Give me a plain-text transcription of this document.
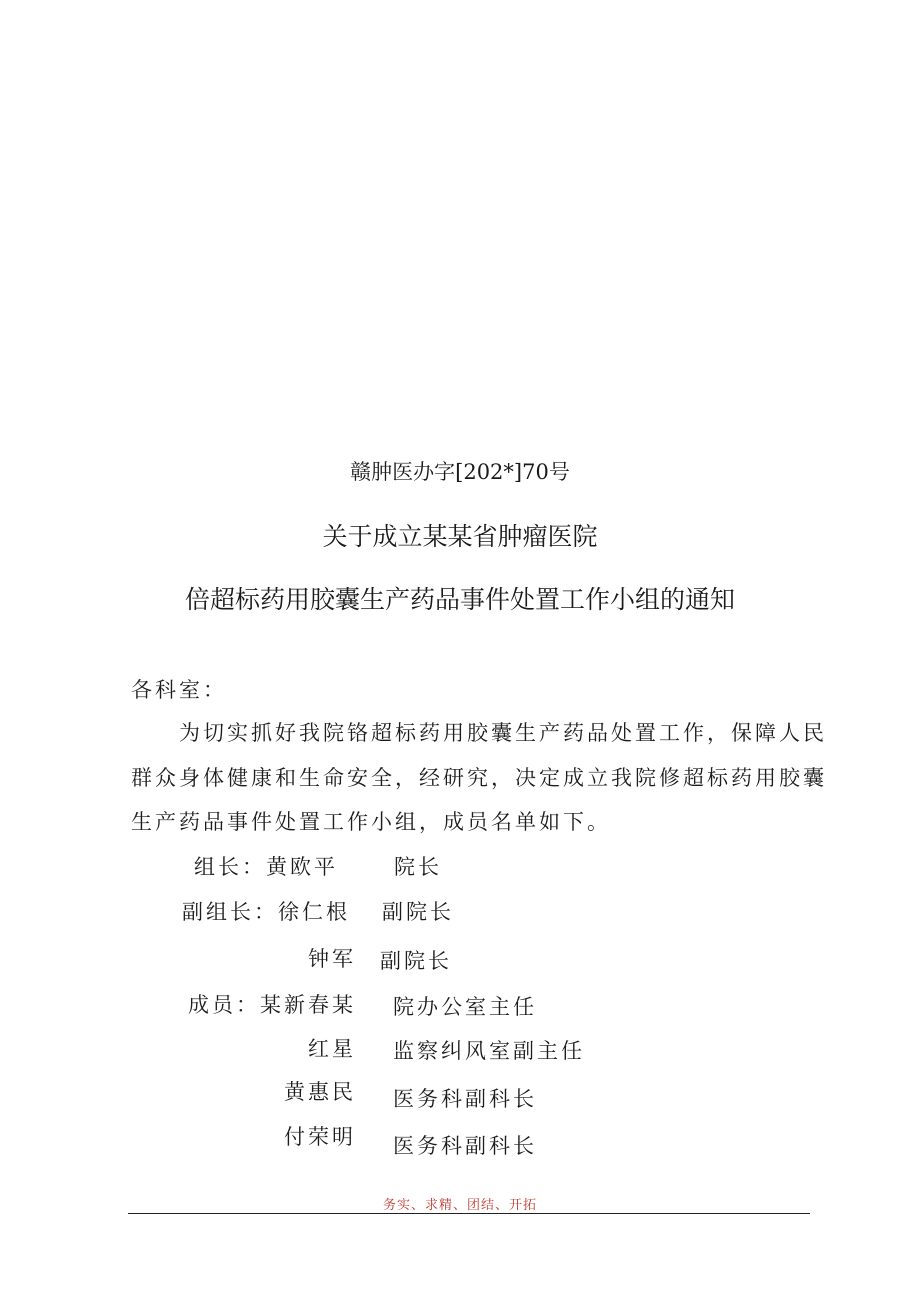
赣肿医办字[202*]70号
关于成立某某省肿瘤医院
倍超标药用胶囊生产药品事件处置工作小组的通知
各科室：
为切实抓好我院铬超标药用胶囊生产药品处置工作，保障人民
群众身体健康和生命安全，经研究，决定成立我院修超标药用胶囊
生产药品事件处置工作小组，成员名单如下。
组长：黄欧平	院长
副组长：徐仁根 副院长
钟军 副院长
成员：某新春某 院办公室主任
红星 监察纠风室副主任
黄惠民 医务科副科长
付荣明 医务科副科长
务实、求精、团结、开拓
